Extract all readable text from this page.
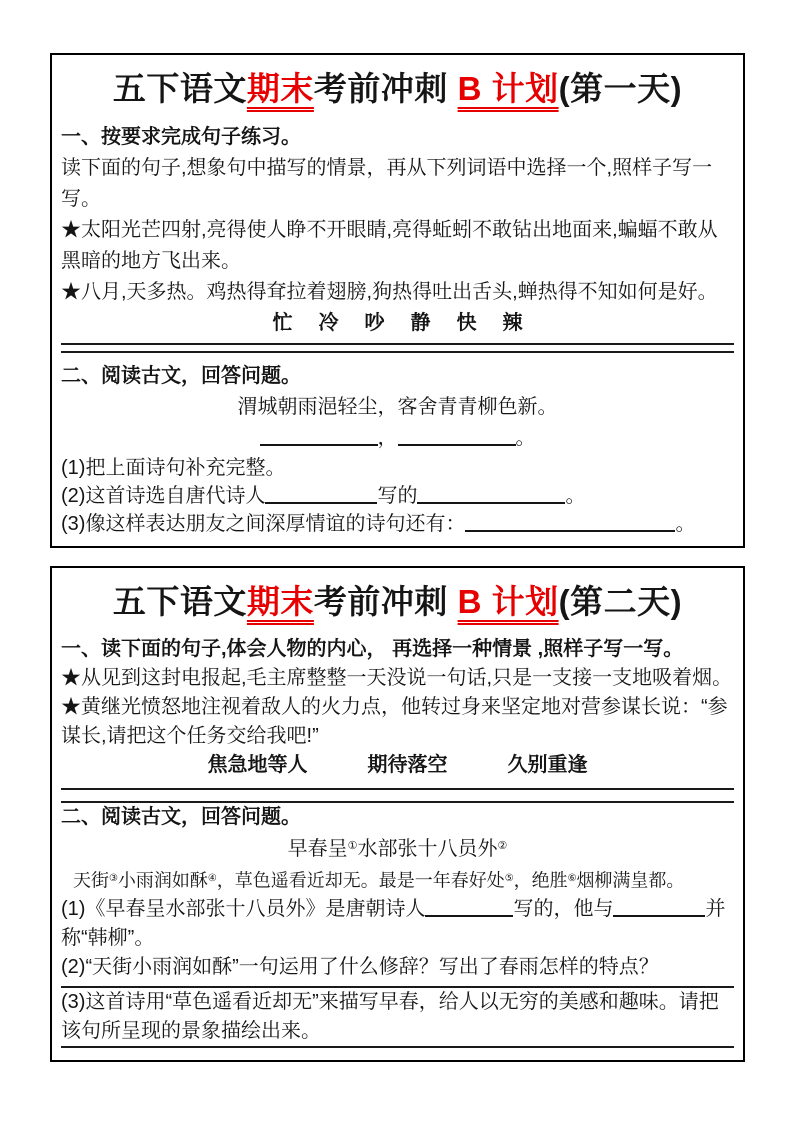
五下语文期末考前冲刺 B 计划(第一天)

一、按要求完成句子练习。

读下面的句子,想象句中描写的情景，再从下列词语中选择一个,照样子写一写。

★太阳光芒四射,亮得使人睁不开眼睛,亮得蚯蚓不敢钻出地面来,蝙蝠不敢从黑暗的地方飞出来。

★八月,天多热。鸡热得耷拉着翅膀,狗热得吐出舌头,蝉热得不知如何是好。

忙 冷 吵 静 快 辣

二、阅读古文，回答问题。

渭城朝雨浥轻尘，客舍青青柳色新。

，	。

(1)把上面诗句补充完整。

(2)这首诗选自唐代诗人	写的	。

(3)像这样表达朋友之间深厚情谊的诗句还有：	。

五下语文期末考前冲刺 B 计划(第二天)

一、读下面的句子,体会人物的内心， 再选择一种情景 ,照样子写一写。

★从见到这封电报起,毛主席整整一天没说一句话,只是一支接一支地吸着烟。

★黄继光愤怒地注视着敌人的火力点，他转过身来坚定地对营参谋长说：“参谋长,请把这个任务交给我吧!”

焦急地等人	期待落空	久别重逢

二、阅读古文，回答问题。

早春呈①水部张十八员外②

天街③小雨润如酥④，草色遥看近却无。最是一年春好处⑤，绝胜⑥烟柳满皇都。

(1)《早春呈水部张十八员外》是唐朝诗人	写的，他与	并称“韩柳”。

(2)“天街小雨润如酥”一句运用了什么修辞？写出了春雨怎样的特点？

(3)这首诗用“草色遥看近却无”来描写早春，给人以无穷的美感和趣味。请把该句所呈现的景象描绘出来。
